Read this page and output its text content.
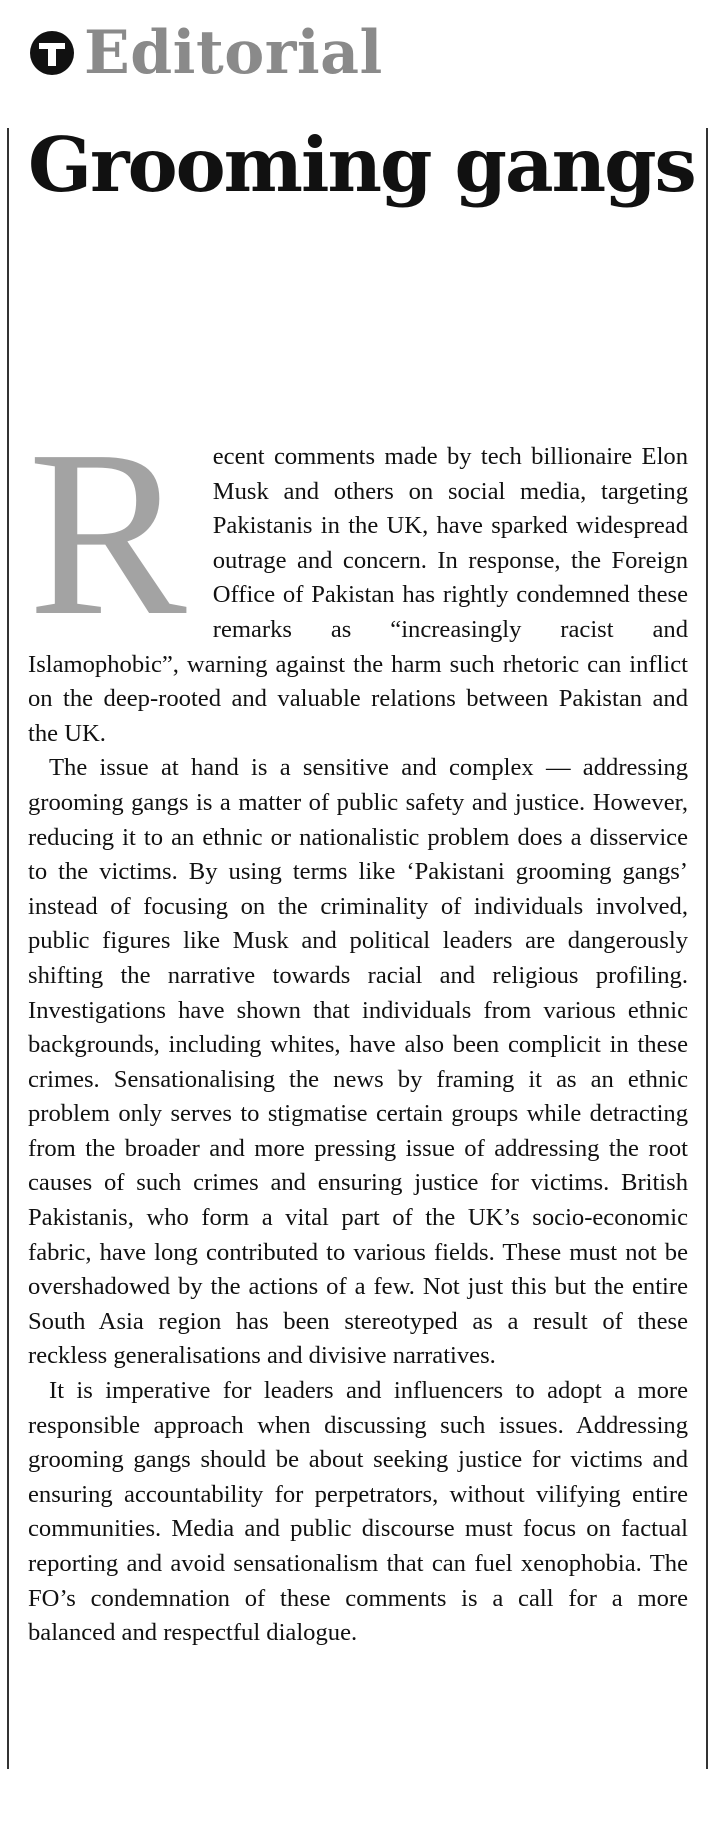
Editorial
Grooming gangs

R ecent comments made by tech billionaire Elon Musk and others on social media, targeting Pakistanis in the UK, have sparked widespread outrage and concern. In response, the Foreign Office of Pakistan has rightly condemned these remarks as “increasingly racist and Islamophobic”, warning against the harm such rhetoric can inflict on the deep-rooted and valuable relations between Pakistan and the UK.

The issue at hand is a sensitive and complex — addressing grooming gangs is a matter of public safety and justice. However, reducing it to an ethnic or nationalistic problem does a disservice to the victims. By using terms like ‘Pakistani grooming gangs’ instead of focusing on the criminality of individuals involved, public figures like Musk and political leaders are dangerously shifting the narrative towards racial and religious profiling. Investigations have shown that individuals from various ethnic backgrounds, including whites, have also been complicit in these crimes. Sensationalising the news by framing it as an ethnic problem only serves to stigmatise certain groups while detracting from the broader and more pressing issue of addressing the root causes of such crimes and ensuring justice for victims. British Pakistanis, who form a vital part of the UK’s socio-economic fabric, have long contributed to various fields. These must not be overshadowed by the actions of a few. Not just this but the entire South Asia region has been stereotyped as a result of these reckless generalisations and divisive narratives.

It is imperative for leaders and influencers to adopt a more responsible approach when discussing such issues. Addressing grooming gangs should be about seeking justice for victims and ensuring accountability for perpetrators, without vilifying entire communities. Media and public discourse must focus on factual reporting and avoid sensationalism that can fuel xenophobia. The FO’s condemnation of these comments is a call for a more balanced and respectful dialogue.
